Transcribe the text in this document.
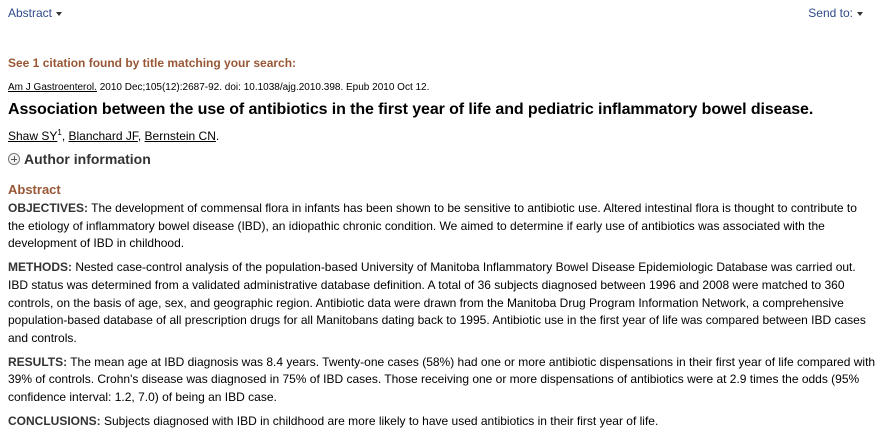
Abstract	Send to:
See 1 citation found by title matching your search:
Am J Gastroenterol. 2010 Dec;105(12):2687-92. doi: 10.1038/ajg.2010.398. Epub 2010 Oct 12.
Association between the use of antibiotics in the first year of life and pediatric inflammatory bowel disease.
Shaw $SY^1$, Blanchard JF, Bernstein CN.
Author information
Abstract

OBJECTIVES: The development of commensal flora in infants has been shown to be sensitive to antibiotic use. Altered intestinal flora is thought to contribute to the etiology of inflammatory bowel disease (IBD), an idiopathic chronic condition. We aimed to determine if early use of antibiotics was associated with the development of IBD in childhood.

METHODS: Nested case-control analysis of the population-based University of Manitoba Inflammatory Bowel Disease Epidemiologic Database was carried out. IBD status was determined from a validated administrative database definition. A total of 36 subjects diagnosed between 1996 and 2008 were matched to 360 controls, on the basis of age, sex, and geographic region. Antibiotic data were drawn from the Manitoba Drug Program Information Network, a comprehensive population-based database of all prescription drugs for all Manitobans dating back to 1995. Antibiotic use in the first year of life was compared between IBD cases and controls.

RESULTS: The mean age at IBD diagnosis was 8.4 years. Twenty-one cases (58%) had one or more antibiotic dispensations in their first year of life compared with 39% of controls. Crohn's disease was diagnosed in 75% of IBD cases. Those receiving one or more dispensations of antibiotics were at 2.9 times the odds (95% confidence interval: 1.2, 7.0) of being an IBD case.

CONCLUSIONS: Subjects diagnosed with IBD in childhood are more likely to have used antibiotics in their first year of life.
